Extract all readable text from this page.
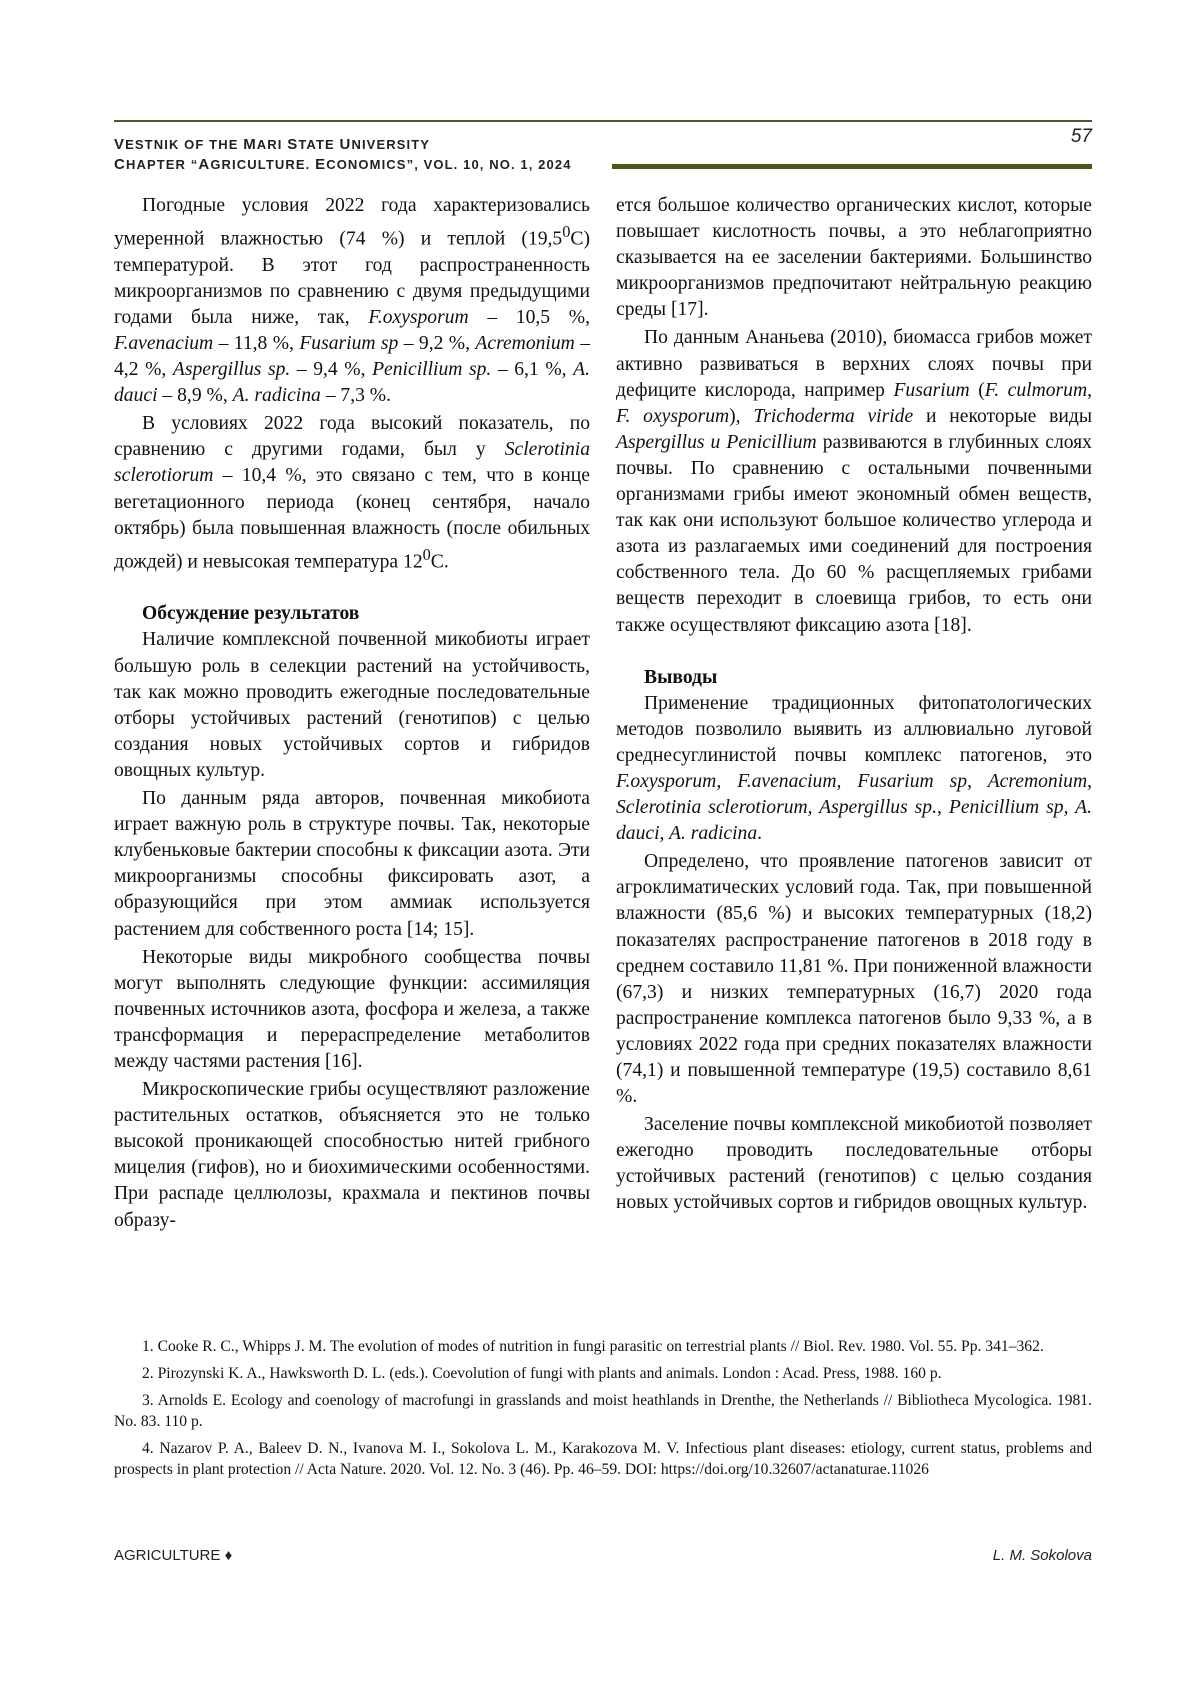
VESTNIK OF THE MARI STATE UNIVERSITY
CHAPTER “AGRICULTURE. ECONOMICS”, VOL. 10, NO. 1, 2024
57

Погодные условия 2022 года характеризовались умеренной влажностью (74 %) и теплой (19,5$^0$С) температурой. В этот год распространенность микроорганизмов по сравнению с двумя предыдущими годами была ниже, так, F.oxysporum – 10,5 %, F.avenacium – 11,8 %, Fusarium sp – 9,2 %, Acremonium – 4,2 %, Aspergillus sp. – 9,4 %, Penicillium sp. – 6,1 %, A. dauci – 8,9 %, A. radicina – 7,3 %.

В условиях 2022 года высокий показатель, по сравнению с другими годами, был у Sclerotinia sclerotiorum – 10,4 %, это связано с тем, что в конце вегетационного периода (конец сентября, начало октябрь) была повышенная влажность (после обильных дождей) и невысокая температура $12^0С$.

Обсуждение результатов

Наличие комплексной почвенной микобиоты играет большую роль в селекции растений на устойчивость, так как можно проводить ежегодные последовательные отборы устойчивых растений (генотипов) с целью создания новых устойчивых сортов и гибридов овощных культур.

По данным ряда авторов, почвенная микобиота играет важную роль в структуре почвы. Так, некоторые клубеньковые бактерии способны к фиксации азота. Эти микроорганизмы способны фиксировать азот, а образующийся при этом аммиак используется растением для собственного роста [14; 15].

Некоторые виды микробного сообщества почвы могут выполнять следующие функции: ассимиляция почвенных источников азота, фосфора и железа, а также трансформация и перераспределение метаболитов между частями растения [16].

Микроскопические грибы осуществляют разложение растительных остатков, объясняется это не только высокой проникающей способностью нитей грибного мицелия (гифов), но и биохимическими особенностями. При распаде целлюлозы, крахмала и пектинов почвы образу-

ется большое количество органических кислот, которые повышает кислотность почвы, а это неблагоприятно сказывается на ее заселении бактериями. Большинство микроорганизмов предпочитают нейтральную реакцию среды [17].

По данным Ананьева (2010), биомасса грибов может активно развиваться в верхних слоях почвы при дефиците кислорода, например Fusarium (F. culmorum, F. oxysporum), Trichoderma viride и некоторые виды Aspergillus и Penicillium развиваются в глубинных слоях почвы. По сравнению с остальными почвенными организмами грибы имеют экономный обмен веществ, так как они используют большое количество углерода и азота из разлагаемых ими соединений для построения собственного тела. До 60 % расщепляемых грибами веществ переходит в слоевища грибов, то есть они также осуществляют фиксацию азота [18].

Выводы

Применение традиционных фитопатологических методов позволило выявить из аллювиально луговой среднесуглинистой почвы комплекс патогенов, это F.oxysporum, F.avenacium, Fusarium sp, Acremonium, Sclerotinia sclerotiorum, Aspergillus sp., Penicillium sp, A. dauci, A. radicina.

Определено, что проявление патогенов зависит от агроклиматических условий года. Так, при повышенной влажности (85,6 %) и высоких температурных (18,2) показателях распространение патогенов в 2018 году в среднем составило 11,81 %. При пониженной влажности (67,3) и низких температурных (16,7) 2020 года распространение комплекса патогенов было 9,33 %, а в условиях 2022 года при средних показателях влажности (74,1) и повышенной температуре (19,5) составило 8,61 %.

Заселение почвы комплексной микобиотой позволяет ежегодно проводить последовательные отборы устойчивых растений (генотипов) с целью создания новых устойчивых сортов и гибридов овощных культур.

1. Cooke R. C., Whipps J. M. The evolution of modes of nutrition in fungi parasitic on terrestrial plants // Biol. Rev. 1980. Vol. 55. Pp. 341–362.

2. Pirozynski K. A., Hawksworth D. L. (eds.). Coevolution of fungi with plants and animals. London : Acad. Press, 1988. 160 p.

3. Arnolds E. Ecology and coenology of macrofungi in grasslands and moist heathlands in Drenthe, the Netherlands // Bibliotheca Mycologica. 1981. No. 83. 110 p.

4. Nazarov P. A., Baleev D. N., Ivanova M. I., Sokolova L. M., Karakozova M. V. Infectious plant diseases: etiology, current status, problems and prospects in plant protection // Acta Nature. 2020. Vol. 12. No. 3 (46). Pp. 46–59. DOI: https://doi.org/10.32607/actanaturae.11026

AGRICULTURE ♦	L. M. Sokolova
